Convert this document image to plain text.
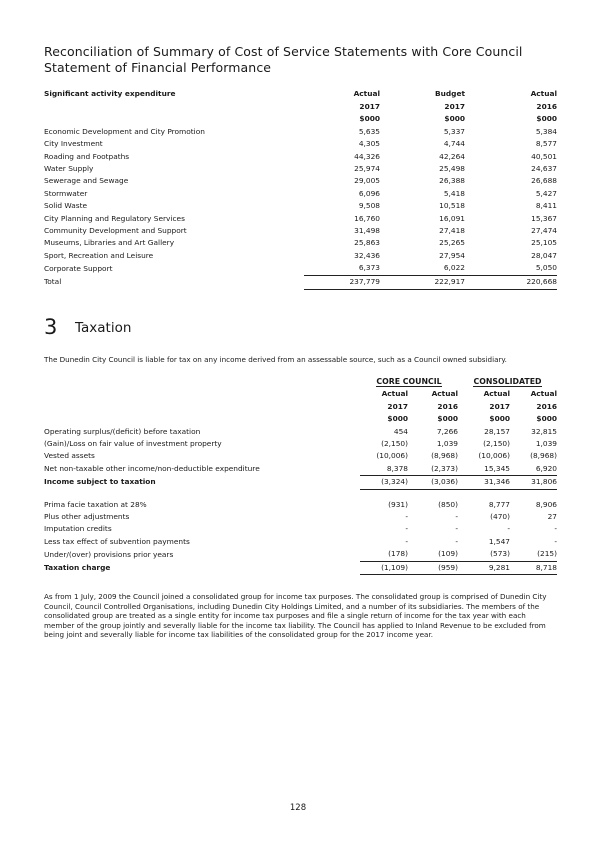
Reconciliation of Summary of Cost of Service Statements with Core Council Statement of Financial Performance
Significant activity expenditure	Actual	Budget	Actual
	2017	2017	2016
	$000	$000	$000
Economic Development and City Promotion	5,635	5,337	5,384
City Investment	4,305	4,744	8,577
Roading and Footpaths	44,326	42,264	40,501
Water Supply	25,974	25,498	24,637
Sewerage and Sewage	29,005	26,388	26,688
Stormwater	6,096	5,418	5,427
Solid Waste	9,508	10,518	8,411
City Planning and Regulatory Services	16,760	16,091	15,367
Community Development and Support	31,498	27,418	27,474
Museums, Libraries and Art Gallery	25,863	25,265	25,105
Sport, Recreation and Leisure	32,436	27,954	28,047
Corporate Support	6,373	6,022	5,050
Total	237,779	222,917	220,668
3 Taxation
The Dunedin City Council is liable for tax on any income derived from an assessable source, such as a Council owned subsidiary.
	CORE COUNCIL		CONSOLIDATED	
	Actual	Actual	Actual	Actual
	2017	2016	2017	2016
	$000	$000	$000	$000
Operating surplus/(deficit) before taxation	454	7,266	28,157	32,815
(Gain)/Loss on fair value of investment property	(2,150)	1,039	(2,150)	1,039
Vested assets	(10,006)	(8,968)	(10,006)	(8,968)
Net non-taxable other income/non-deductible expenditure	8,378	(2,373)	15,345	6,920
Income subject to taxation	(3,324)	(3,036)	31,346	31,806

Prima facie taxation at 28%	(931)	(850)	8,777	8,906
Plus other adjustments	-	-	(470)	27
Imputation credits	-	-	-	-
Less tax effect of subvention payments	-	-	1,547	-
Under/(over) provisions prior years	(178)	(109)	(573)	(215)
Taxation charge	(1,109)	(959)	9,281	8,718
As from 1 July, 2009 the Council joined a consolidated group for income tax purposes. The consolidated group is comprised of Dunedin City Council, Council Controlled Organisations, including Dunedin City Holdings Limited, and a number of its subsidiaries. The members of the consolidated group are treated as a single entity for income tax purposes and file a single return of income for the tax year with each member of the group jointly and severally liable for the income tax liability. The Council has applied to Inland Revenue to be excluded from being joint and severally liable for income tax liabilities of the consolidated group for the 2017 income year.
128
